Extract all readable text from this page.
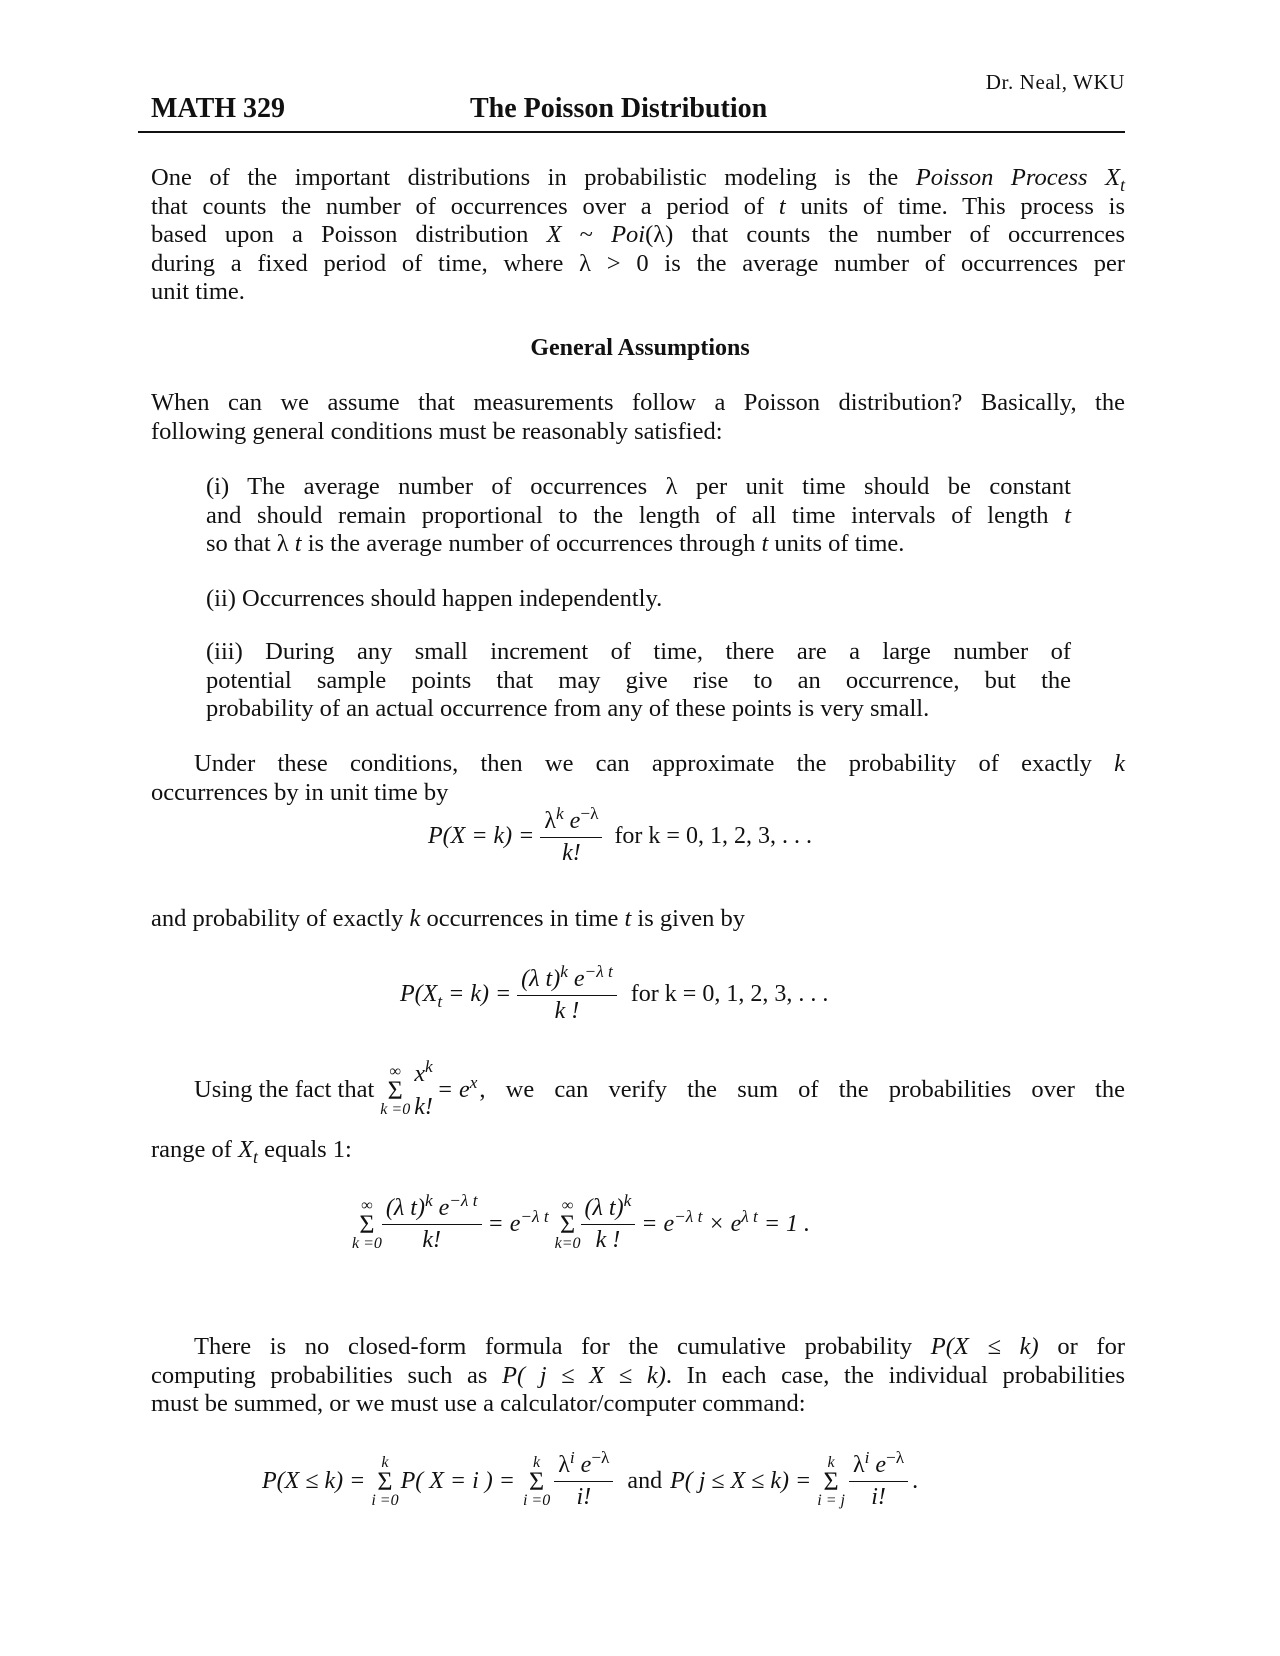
Dr. Neal, WKU
MATH 329	The Poisson Distribution
One of the important distributions in probabilistic modeling is the Poisson Process $X_t$
that counts the number of occurrences over a period of t units of time. This process is
based upon a Poisson distribution X ~ Poi(λ) that counts the number of occurrences
during a fixed period of time, where λ > 0 is the average number of occurrences per
unit time.
General Assumptions
When can we assume that measurements follow a Poisson distribution? Basically, the
following general conditions must be reasonably satisfied:
(i) The average number of occurrences λ per unit time should be constant
and should remain proportional to the length of all time intervals of length t
so that λ t is the average number of occurrences through t units of time.
(ii) Occurrences should happen independently.
(iii) During any small increment of time, there are a large number of
potential sample points that may give rise to an occurrence, but the
probability of an actual occurrence from any of these points is very small.
Under these conditions, then we can approximate the probability of exactly k
occurrences by in unit time by
$P(X = k) = \frac{\lambda^k e^{-\lambda}}{k!}$ for k = 0, 1, 2, 3, . . .
and probability of exactly k occurrences in time t is given by
$P(X_t = k) = \frac{(\lambda t)^k e^{-\lambda t}}{k !}$ for k = 0, 1, 2, 3, . . .
Using the fact that
∞
Σ
k =0
$x^k$
k!
= $e^x$ , we can verify the sum of the probabilities over the
range of $X_t$ equals 1:
∞
Σ
$k =0 \frac{(\lambda t)^k e^{-\lambda t}}{k!} = e^{-\lambda t}$
∞
Σ
$k=0 \frac{(\lambda t)^k}{k !} = e^{-\lambda t} \times e^{\lambda t} = 1$ .
There is no closed-form formula for the cumulative probability P(X ≤ k) or for
computing probabilities such as P( j ≤ X ≤ k). In each case, the individual probabilities
must be summed, or we must use a calculator/computer command:
P(X ≤ k) =
k
Σ
i =0
P( X = i ) =
k
Σ
$i =0 \frac{\lambda^i e^{-\lambda}}{i!}$ and P( j ≤ X ≤ k) =
k
Σ
i = j $\frac{\lambda^i e^{-\lambda}}{i!}$ .
